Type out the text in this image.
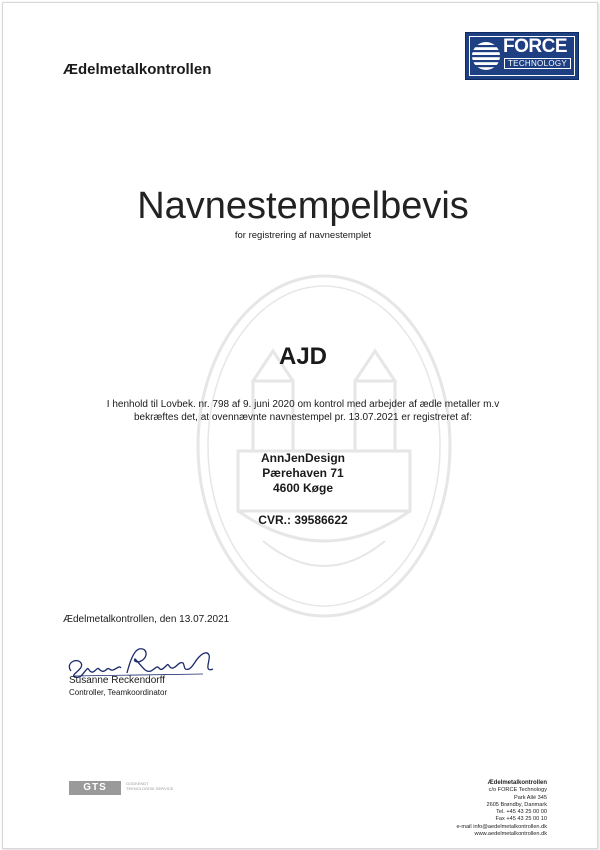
Ædelmetalkontrollen
FORCE
TECHNOLOGY
Navnestempelbevis
for registrering af navnestemplet
AJD
I henhold til Lovbek. nr. 798 af 9. juni 2020 om kontrol med arbejder af ædle metaller m.v
bekræftes det, at ovennævnte navnestempel pr. 13.07.2021 er registreret af:
AnnJenDesign
Pærehaven 71
4600 Køge
CVR.: 39586622
Ædelmetalkontrollen, den 13.07.2021
Susanne Reckendorff
Controller, Teamkoordinator
GTS	GODKENDT
TEKNOLOGISK SERVICE
Ædelmetalkontrollen
c/o FORCE Technology
Park Allé 345
2605 Brøndby, Danmark
Tel. +45 43 25 00 00
Fax +45 43 25 00 10
e-mail info@aedelmetalkontrollen.dk
www.aedelmetalkontrollen.dk
